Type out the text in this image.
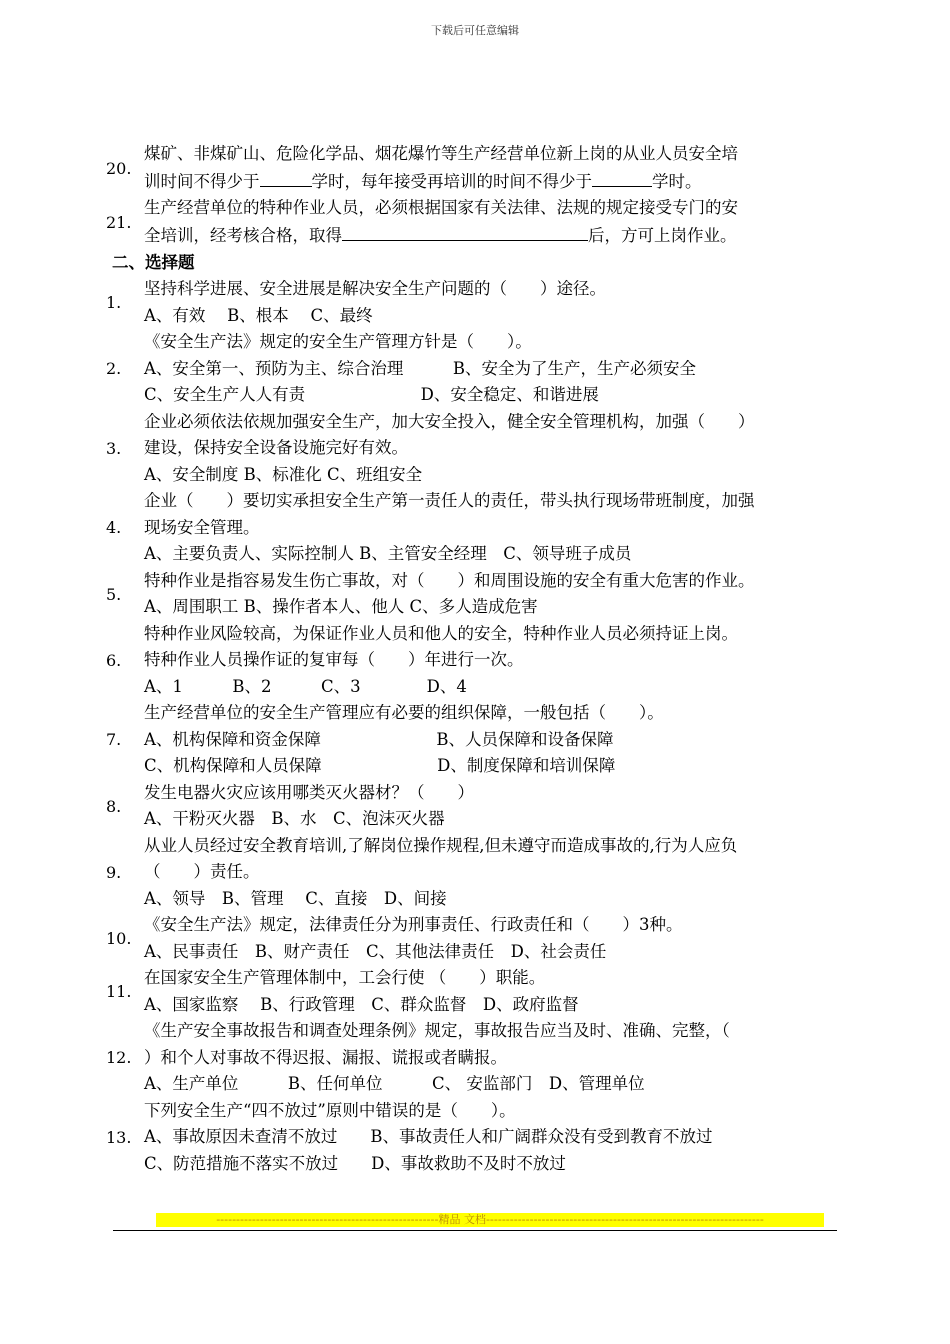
下载后可任意编辑
20.
煤矿、非煤矿山、危险化学品、烟花爆竹等生产经营单位新上岗的从业人员安全培
训时间不得少于	学时，每年接受再培训的时间不得少于	学时。
21.
生产经营单位的特种作业人员，必须根据国家有关法律、法规的规定接受专门的安
全培训，经考核合格，取得	后，方可上岗作业。
二、选择题
1.
坚持科学进展、安全进展是解决安全生产问题的（　　）途径。
A、有效　 B、根本　 C、最终
2.
《安全生产法》规定的安全生产管理方针是（　　）。
A、安全第一、预防为主、综合治理　　　B、安全为了生产，生产必须安全
C、安全生产人人有责　　　　　　　D、安全稳定、和谐进展
3.
企业必须依法依规加强安全生产，加大安全投入，健全安全管理机构，加强（　　）
建设，保持安全设备设施完好有效。
A、安全制度 B、标准化 C、班组安全
4.
企业（　　）要切实承担安全生产第一责任人的责任，带头执行现场带班制度，加强
现场安全管理。
A、主要负责人、实际控制人 B、主管安全经理　C、领导班子成员
5.
特种作业是指容易发生伤亡事故，对（　　）和周围设施的安全有重大危害的作业。
A、周围职工 B、操作者本人、他人 C、多人造成危害
6.
特种作业风险较高，为保证作业人员和他人的安全，特种作业人员必须持证上岗。
特种作业人员操作证的复审每（　　）年进行一次。
A、1　　　B、2　　　C、3　　　　D、4
7.
生产经营单位的安全生产管理应有必要的组织保障，一般包括（　　）。
A、机构保障和资金保障　　　　　　　B、人员保障和设备保障
C、机构保障和人员保障　　　　　　　D、制度保障和培训保障
8.
发生电器火灾应该用哪类灭火器材？（　　）
A、干粉灭火器　B、水　C、泡沫灭火器
9.
从业人员经过安全教育培训,了解岗位操作规程,但未遵守而造成事故的,行为人应负
（　　）责任。
A、领导　B、管理　 C、直接　D、间接
10.
《安全生产法》规定，法律责任分为刑事责任、行政责任和（　　）3种。
A、民事责任　B、财产责任　C、其他法律责任　D、社会责任
11.
在国家安全生产管理体制中，工会行使 （　　）职能。
A、国家监察　 B、行政管理　C、群众监督　D、政府监督
12.
《生产安全事故报告和调查处理条例》规定，事故报告应当及时、准确、完整，（
）和个人对事故不得迟报、漏报、谎报或者瞒报。
A、生产单位　　　B、任何单位　　　C、 安监部门　D、管理单位
13.
下列安全生产“四不放过”原则中错误的是（　　）。
A、事故原因未查清不放过　　B、事故责任人和广阔群众没有受到教育不放过
C、防范措施不落实不放过　　D、事故救助不及时不放过
--------------------------------------------------------精品 文档----------------------------------------------------------------------
